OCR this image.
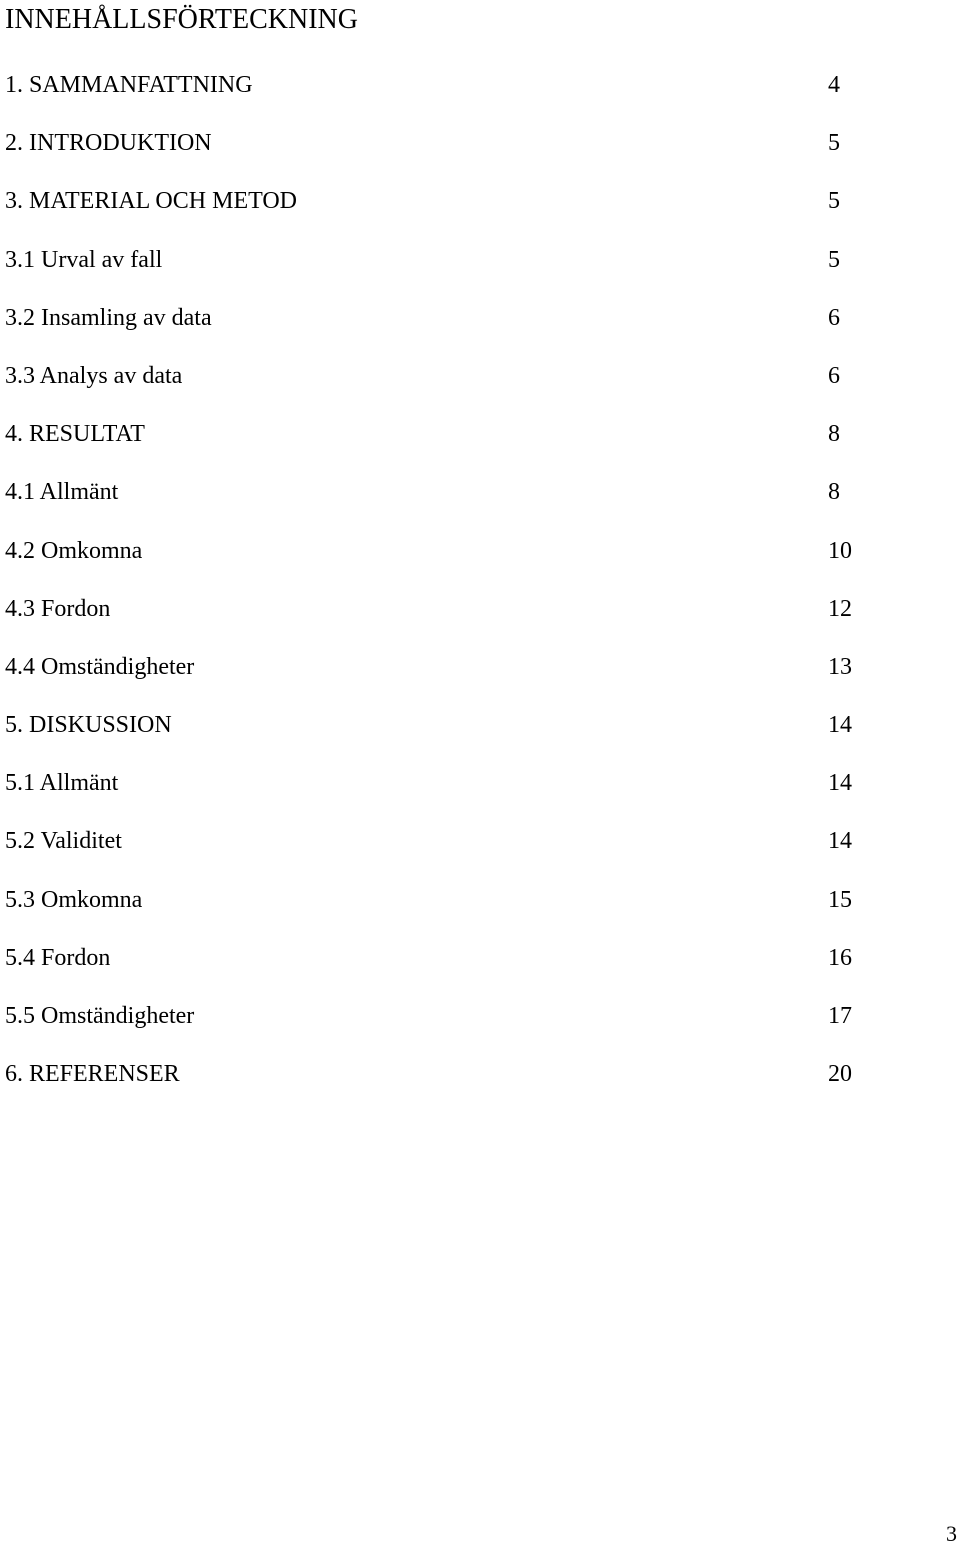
INNEHÅLLSFÖRTECKNING
1. SAMMANFATTNING	4
2. INTRODUKTION	5
3. MATERIAL OCH METOD	5
3.1 Urval av fall	5
3.2 Insamling av data	6
3.3 Analys av data	6
4. RESULTAT	8
4.1 Allmänt	8
4.2 Omkomna	10
4.3 Fordon	12
4.4 Omständigheter	13
5. DISKUSSION	14
5.1 Allmänt	14
5.2 Validitet	14
5.3 Omkomna	15
5.4 Fordon	16
5.5 Omständigheter	17
6. REFERENSER	20
3
